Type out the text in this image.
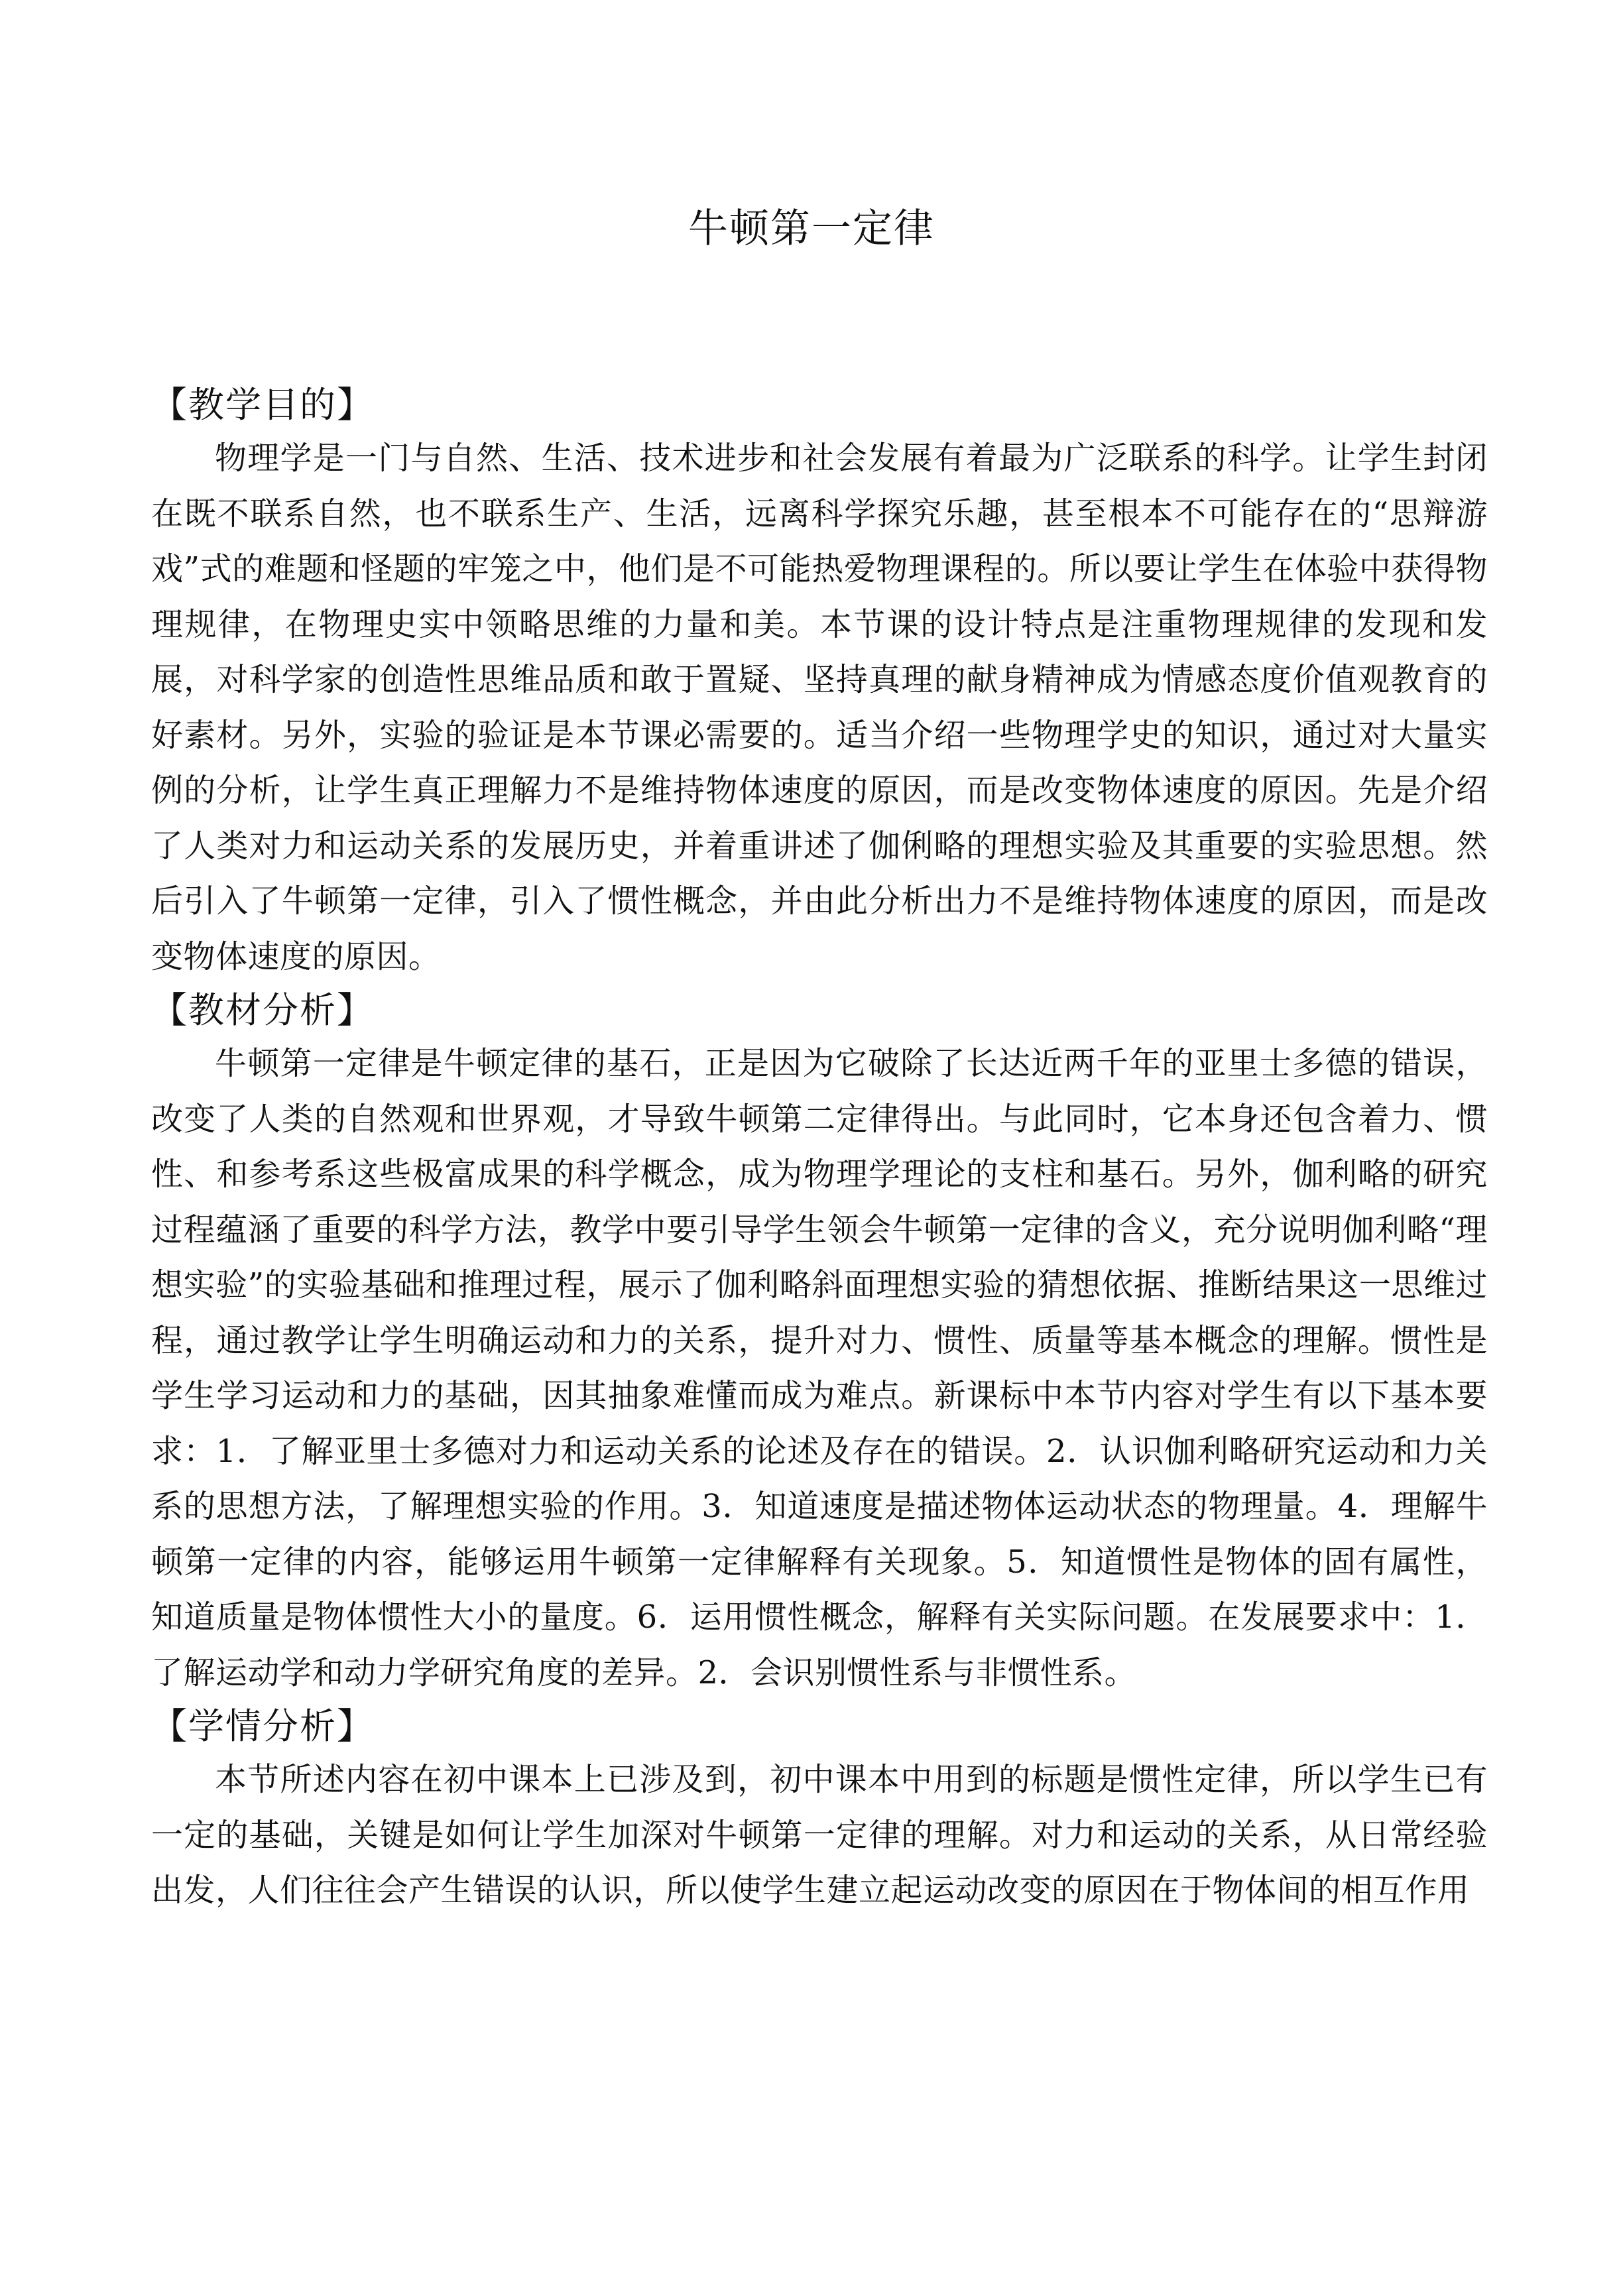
牛顿第一定律
【教学目的】

物理学是一门与自然、生活、技术进步和社会发展有着最为广泛联系的科学。让学生封闭在既不联系自然，也不联系生产、生活，远离科学探究乐趣，甚至根本不可能存在的“思辩游戏”式的难题和怪题的牢笼之中，他们是不可能热爱物理课程的。所以要让学生在体验中获得物理规律，在物理史实中领略思维的力量和美。本节课的设计特点是注重物理规律的发现和发展，对科学家的创造性思维品质和敢于置疑、坚持真理的献身精神成为情感态度价值观教育的好素材。另外，实验的验证是本节课必需要的。适当介绍一些物理学史的知识，通过对大量实例的分析，让学生真正理解力不是维持物体速度的原因，而是改变物体速度的原因。先是介绍了人类对力和运动关系的发展历史，并着重讲述了伽俐略的理想实验及其重要的实验思想。然后引入了牛顿第一定律，引入了惯性概念，并由此分析出力不是维持物体速度的原因，而是改变物体速度的原因。

【教材分析】

牛顿第一定律是牛顿定律的基石，正是因为它破除了长达近两千年的亚里士多德的错误，改变了人类的自然观和世界观，才导致牛顿第二定律得出。与此同时，它本身还包含着力、惯性、和参考系这些极富成果的科学概念，成为物理学理论的支柱和基石。另外，伽利略的研究过程蕴涵了重要的科学方法，教学中要引导学生领会牛顿第一定律的含义，充分说明伽利略“理想实验”的实验基础和推理过程，展示了伽利略斜面理想实验的猜想依据、推断结果这一思维过程，通过教学让学生明确运动和力的关系，提升对力、惯性、质量等基本概念的理解。惯性是学生学习运动和力的基础，因其抽象难懂而成为难点。新课标中本节内容对学生有以下基本要求：1．了解亚里士多德对力和运动关系的论述及存在的错误。2．认识伽利略研究运动和力关系的思想方法，了解理想实验的作用。3．知道速度是描述物体运动状态的物理量。4．理解牛顿第一定律的内容，能够运用牛顿第一定律解释有关现象。5．知道惯性是物体的固有属性，知道质量是物体惯性大小的量度。6．运用惯性概念，解释有关实际问题。在发展要求中：1．了解运动学和动力学研究角度的差异。2．会识别惯性系与非惯性系。

【学情分析】

本节所述内容在初中课本上已涉及到，初中课本中用到的标题是惯性定律，所以学生已有一定的基础，关键是如何让学生加深对牛顿第一定律的理解。对力和运动的关系，从日常经验出发，人们往往会产生错误的认识，所以使学生建立起运动改变的原因在于物体间的相互作用
